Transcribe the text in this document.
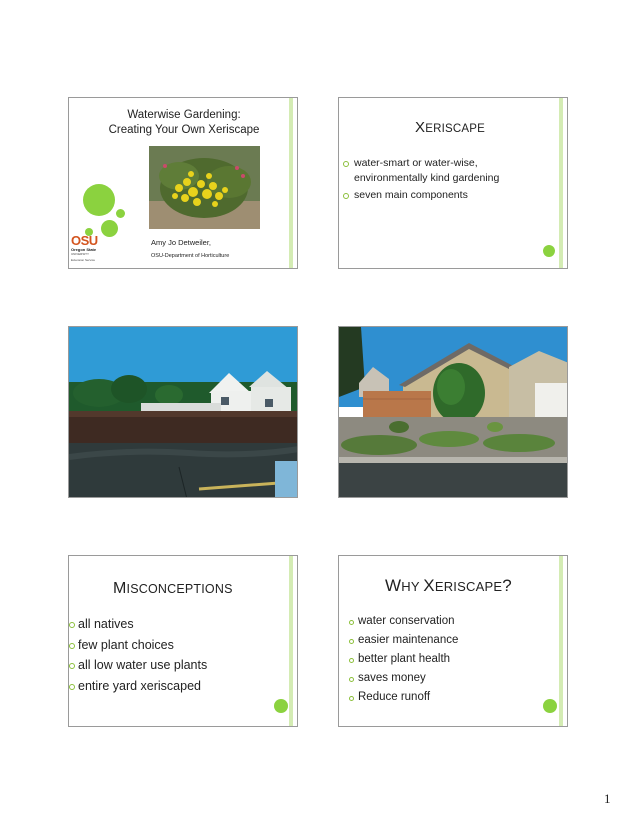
Waterwise Gardening:
Creating Your Own Xeriscape
OSU
Oregon State
UNIVERSITY
Extension Service
Amy Jo Detweiler,
OSU-Department of Horticulture
XERISCAPE
water-smart or water-wise,
environmentally kind gardening
seven main components
MISCONCEPTIONS
all natives
few plant choices
all low water use plants
entire yard xeriscaped
WHY XERISCAPE?
water conservation
easier maintenance
better plant health
saves money
Reduce runoff
1
